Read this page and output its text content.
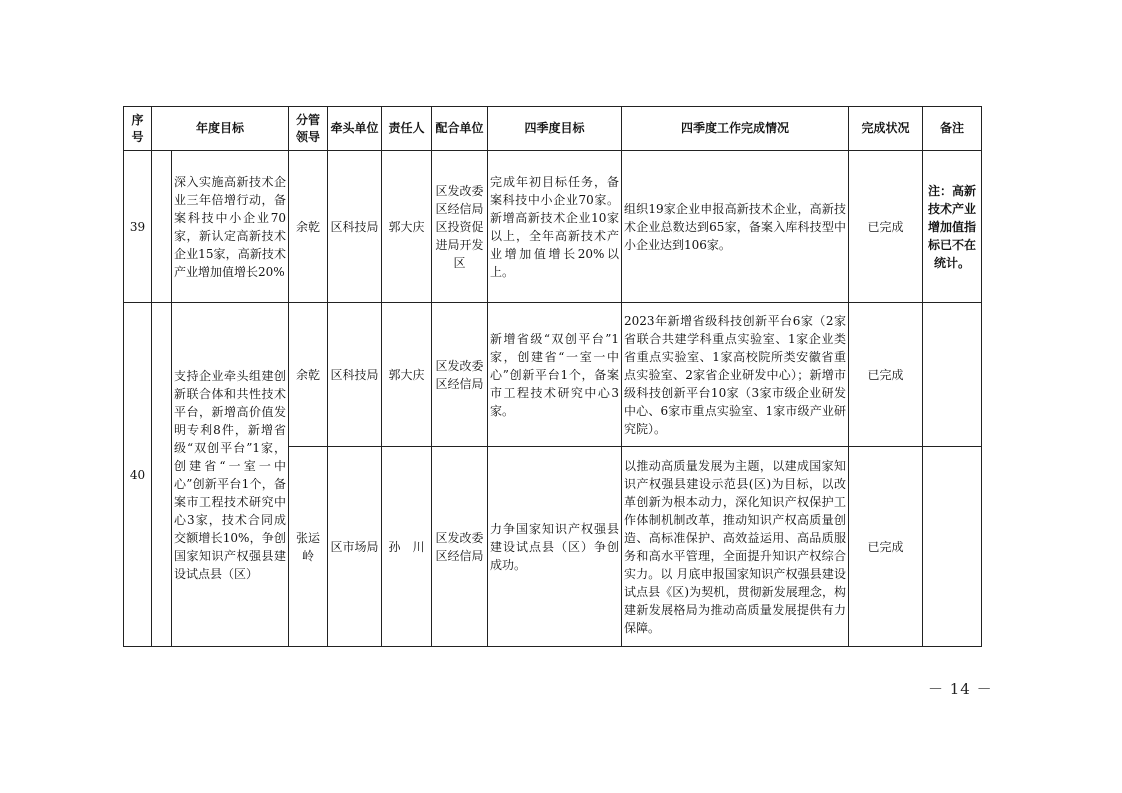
序号	年度目标		分管领导	牵头单位	责任人	配合单位	四季度目标	四季度工作完成情况	完成状况	备注
39		深入实施高新技术企业三年倍增行动，备案科技中小企业70家，新认定高新技术企业15家，高新技术产业增加值增长20%	余乾	区科技局	郭大庆	区发改委区经信局区投资促进局开发区	完成年初目标任务，备案科技中小企业70家。新增高新技术企业10家以上，全年高新技术产业增加值增长20%以上。	组织19家企业申报高新技术企业，高新技术企业总数达到65家，备案入库科技型中小企业达到106家。	已完成	注：高新技术产业增加值指标已不在统计。
40		支持企业牵头组建创新联合体和共性技术平台，新增高价值发明专利8件，新增省级“双创平台”1家，创建省“一室一中心”创新平台1个，备案市工程技术研究中心3家，技术合同成交额增长10%，争创国家知识产权强县建设试点县（区）	余乾	区科技局	郭大庆	区发改委区经信局	新增省级“双创平台”1家，创建省“一室一中心”创新平台1个，备案市工程技术研究中心3家。	2023年新增省级科技创新平台6家（2家省联合共建学科重点实验室、1家企业类省重点实验室、1家高校院所类安徽省重点实验室、2家省企业研发中心）；新增市级科技创新平台10家（3家市级企业研发中心、6家市重点实验室、1家市级产业研究院）。	已完成	
			张运岭	区市场局	孙　川	区发改委区经信局	力争国家知识产权强县建设试点县（区）争创成功。	以推动高质量发展为主题，以建成国家知识产权强县建设示范县(区)为目标，以改革创新为根本动力，深化知识产权保护工作体制机制改革，推动知识产权高质量创造、高标准保护、高效益运用、高品质服务和高水平管理，全面提升知识产权综合实力。以 月底申报国家知识产权强县建设试点县《区)为契机，贯彻新发展理念，构建新发展格局为推动高质量发展提供有力保障。	已完成	
－ 14 －
